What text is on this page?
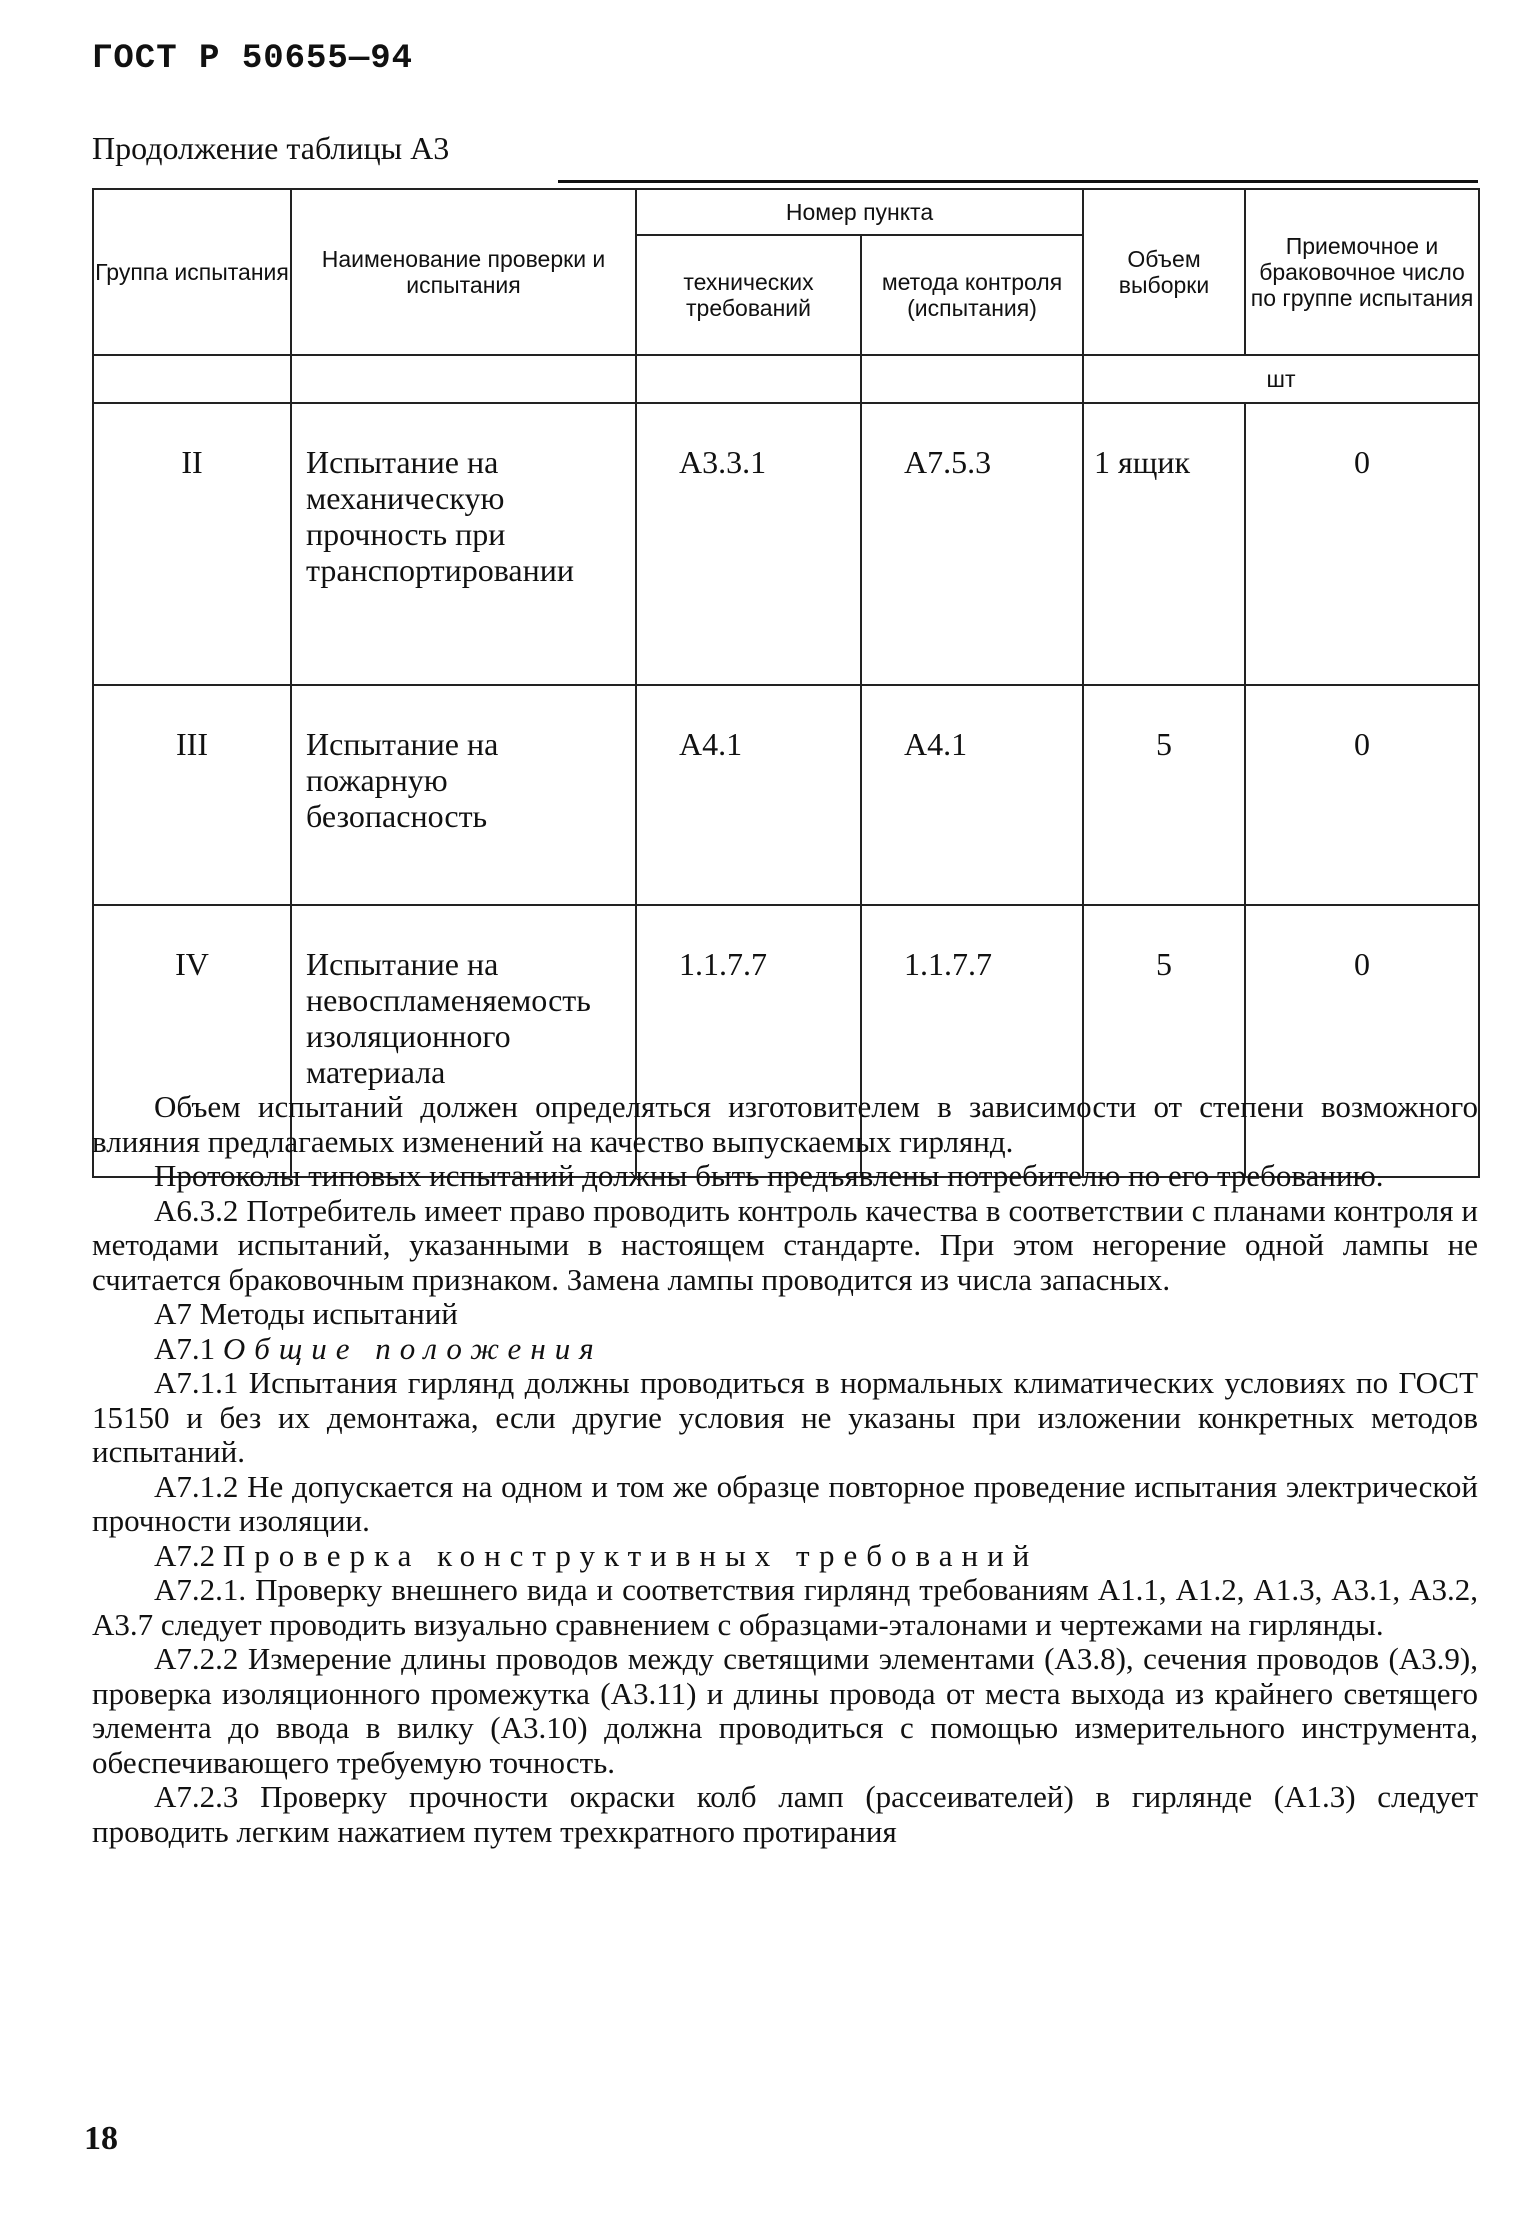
ГОСТ Р 50655—94
Продолжение таблицы А3
Группа испытания	Наименование проверки и испытания	Номер пункта		Объем выборки	Приемочное и браковочное число по группе испытания
		технических требований	метода контроля (испытания)		
				шт	
II	Испытание на механическую прочность при транспортировании	А3.3.1	А7.5.3	1 ящик	0
III	Испытание на пожарную безопасность	А4.1	А4.1	5	0
IV	Испытание на невоспламеняемость изоляционного материала	1.1.7.7	1.1.7.7	5	0

Объем испытаний должен определяться изготовителем в зависимости от степени возможного влияния предлагаемых изменений на качество выпускаемых гирлянд.

Протоколы типовых испытаний должны быть предъявлены потребителю по его требованию.

А6.3.2 Потребитель имеет право проводить контроль качества в соответствии с планами контроля и методами испытаний, указанными в настоящем стандарте. При этом негорение одной лампы не считается браковочным признаком. Замена лампы проводится из числа запасных.

А7 Методы испытаний

А7.1 Общие положения

А7.1.1 Испытания гирлянд должны проводиться в нормальных климатических условиях по ГОСТ 15150 и без их демонтажа, если другие условия не указаны при изложении конкретных методов испытаний.

А7.1.2 Не допускается на одном и том же образце повторное проведение испытания электрической прочности изоляции.

А7.2 Проверка конструктивных требований

А7.2.1. Проверку внешнего вида и соответствия гирлянд требованиям А1.1, А1.2, А1.3, А3.1, А3.2, А3.7 следует проводить визуально сравнением с образцами-эталонами и чертежами на гирлянды.

А7.2.2 Измерение длины проводов между светящими элементами (А3.8), сечения проводов (А3.9), проверка изоляционного промежутка (А3.11) и длины провода от места выхода из крайнего светящего элемента до ввода в вилку (А3.10) должна проводиться с помощью измерительного инструмента, обеспечивающего требуемую точность.

А7.2.3 Проверку прочности окраски колб ламп (рассеивателей) в гирлянде (А1.3) следует проводить легким нажатием путем трехкратного протирания

18
